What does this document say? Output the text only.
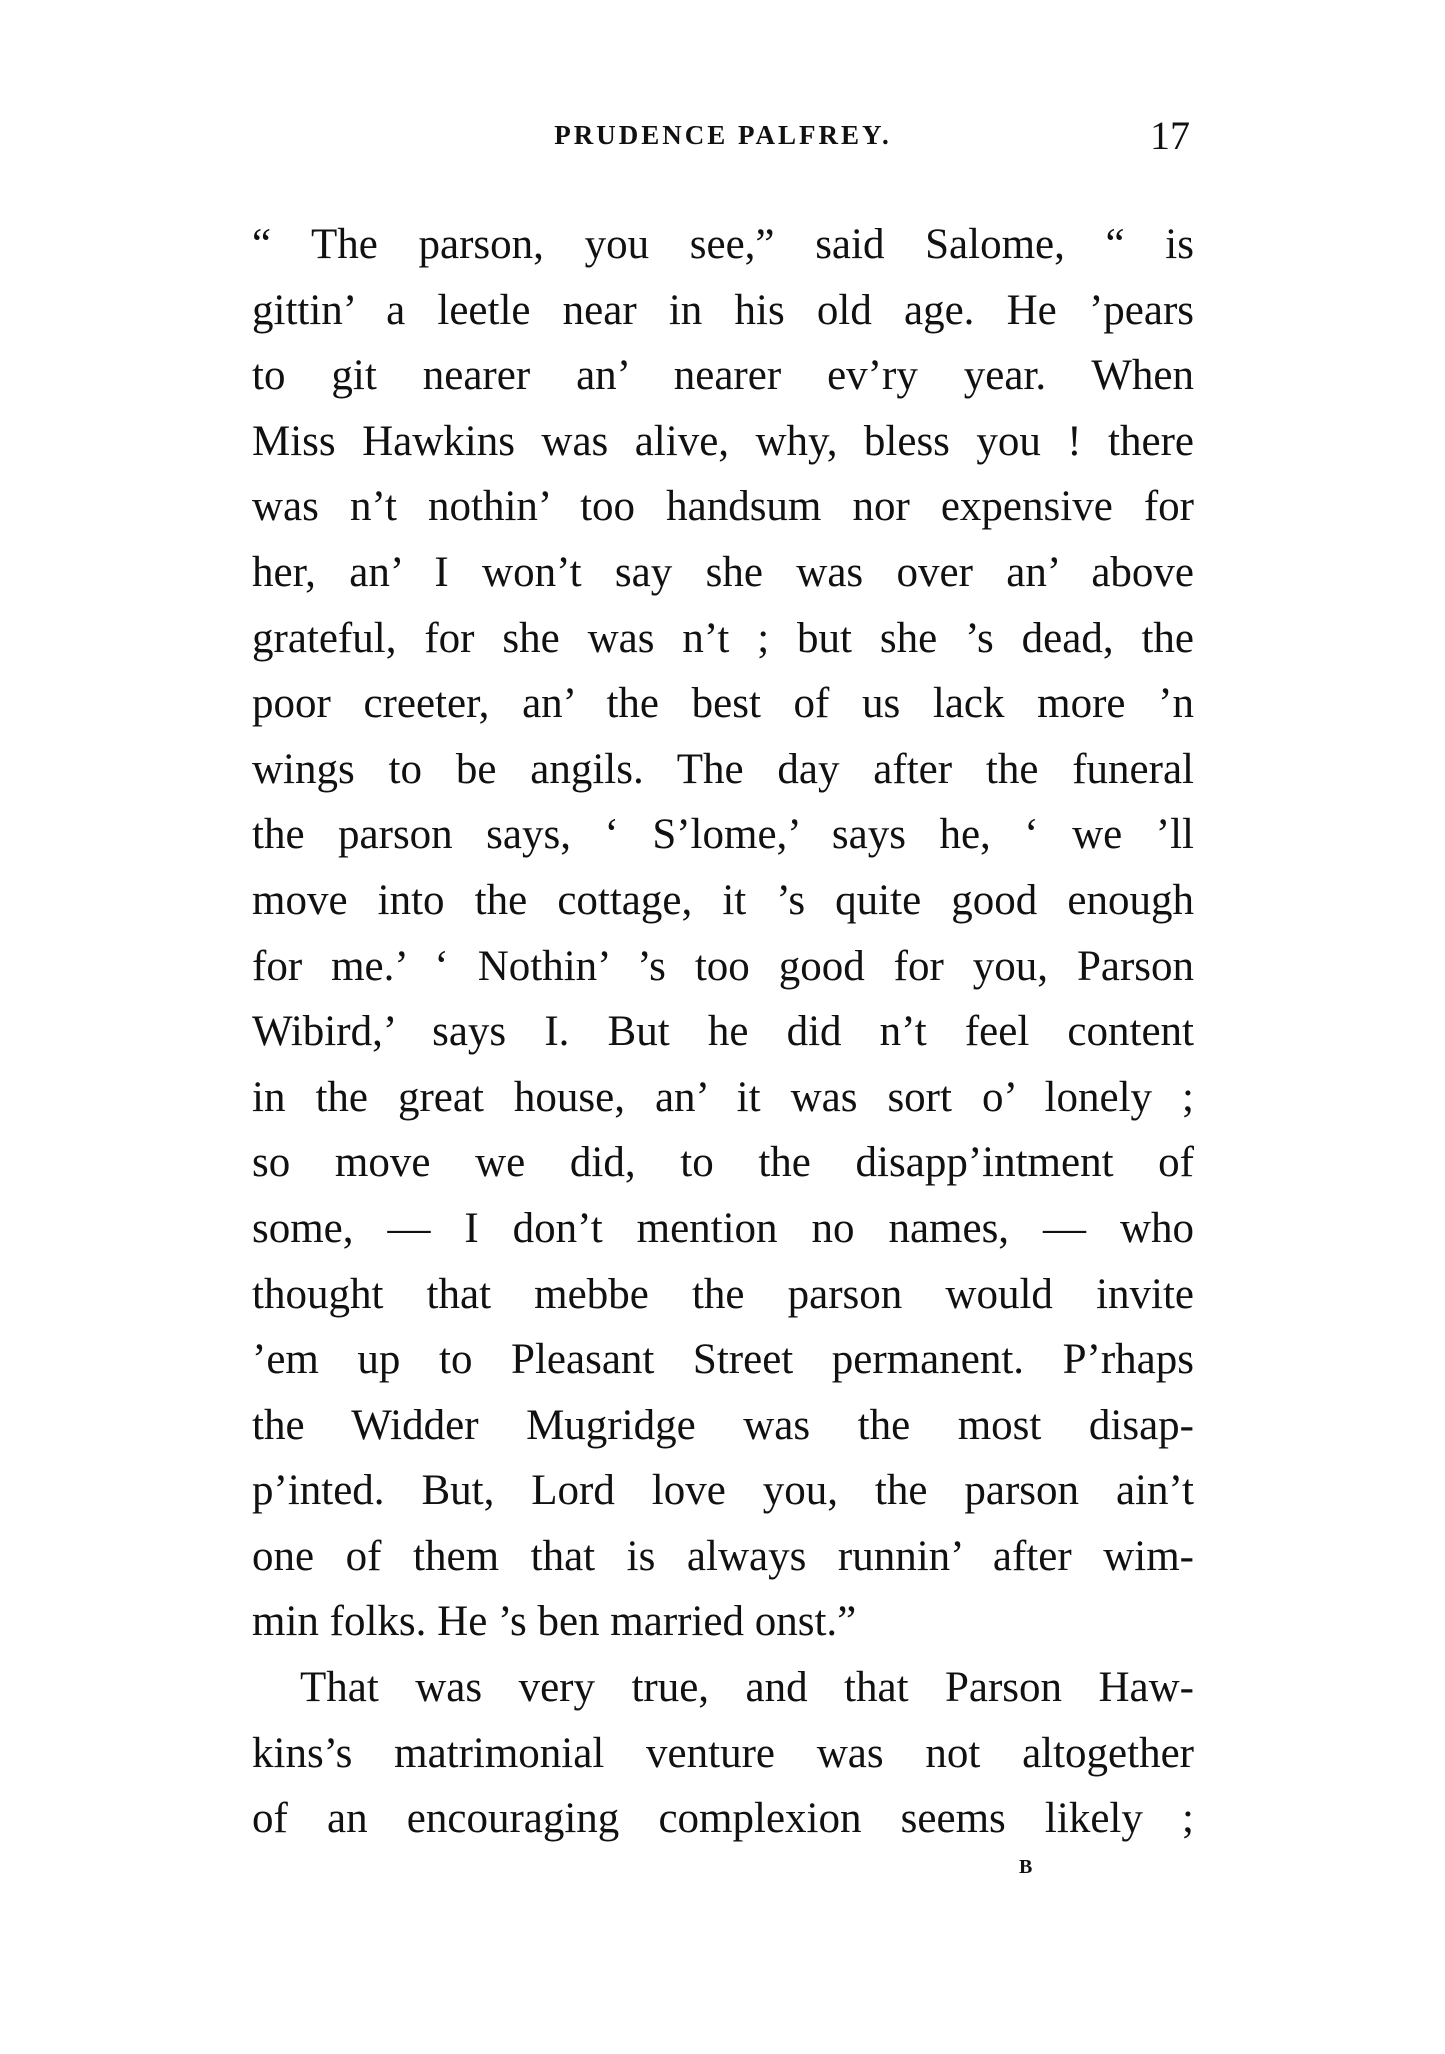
PRUDENCE PALFREY.	17
“ The parson, you see,” said Salome, “ is
gittin’ a leetle near in his old age. He ’pears
to git nearer an’ nearer ev’ry year. When
Miss Hawkins was alive, why, bless you ! there
was n’t nothin’ too handsum nor expensive for
her, an’ I won’t say she was over an’ above
grateful, for she was n’t ; but she ’s dead, the
poor creeter, an’ the best of us lack more ’n
wings to be angils. The day after the funeral
the parson says, ‘ S’lome,’ says he, ‘ we ’ll
move into the cottage, it ’s quite good enough
for me.’ ‘ Nothin’ ’s too good for you, Parson
Wibird,’ says I. But he did n’t feel content
in the great house, an’ it was sort o’ lonely ;
so move we did, to the disapp’intment of
some, — I don’t mention no names, — who
thought that mebbe the parson would invite
’em up to Pleasant Street permanent. P’rhaps
the Widder Mugridge was the most disap-
p’inted. But, Lord love you, the parson ain’t
one of them that is always runnin’ after wim-
min folks. He ’s ben married onst.”
That was very true, and that Parson Haw-
kins’s matrimonial venture was not altogether
of an encouraging complexion seems likely ;
B
